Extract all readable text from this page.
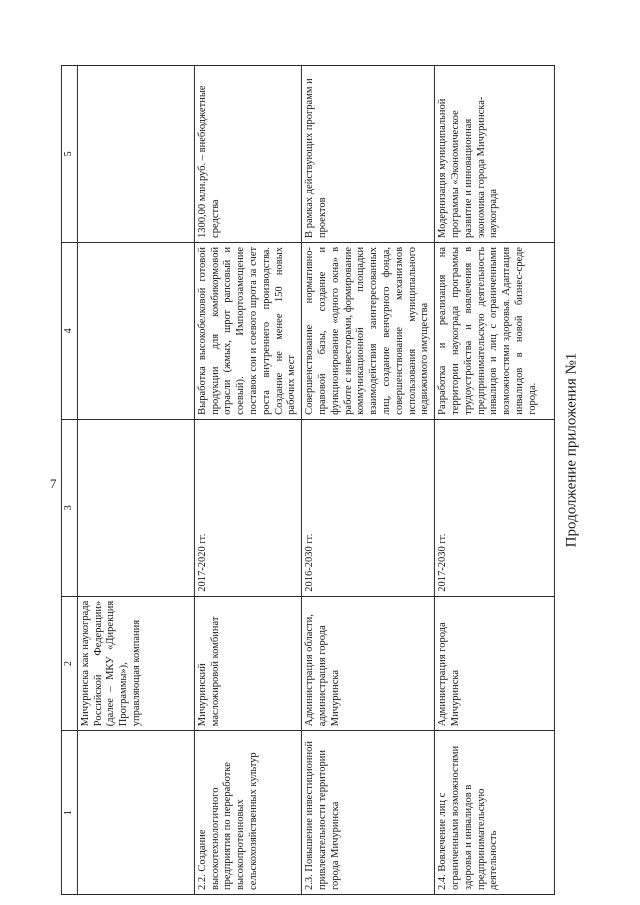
7	Продолжение приложения №1
1	2	3	4	5
	Мичуринска как наукограда Российской Федерации» (далее – МКУ «Дирекция Программы»), управляющая компания			
2.2. Создание высокотехнологичного предприятия по переработке высокопротеиновых сельскохозяйственных культур	Мичуринский масложировой комбинат	2017-2020 гг.	Выработка высокобелковой готовой продукции для комбикормовой отрасли (жмых, шрот рапсовый и соевый). Импортозамещение поставок сои и соевого шрота за счет роста внутреннего производства. Создание не менее 150 новых рабочих мест	1300,00 млн.руб. – внебюджетные средства
2.3. Повышение инвестиционной привлекательности территории города Мичуринска	Администрация области, администрация города Мичуринска	2016-2030 гг.	Совершенствование нормативно-правовой базы, создание и функционирование «одного окна» в работе с инвесторами, формирование коммуникационной площадки взаимодействия заинтересованных лиц, создание венчурного фонда, совершенствование механизмов использования муниципального недвижимого имущества	В рамках действующих программ и проектов
2.4. Вовлечение лиц с ограниченными возможностями здоровья и инвалидов в предпринимательскую деятельность	Администрация города Мичуринска	2017-2030 гг.	Разработка и реализация на территории наукограда программы трудоустройства и вовлечения в предпринимательскую деятельность инвалидов и лиц с ограниченными возможностями здоровья. Адаптация инвалидов в новой бизнес-среде города.	Модернизация муниципальной программы «Экономическое развитие и инновационная экономика города Мичуринска-наукограда
